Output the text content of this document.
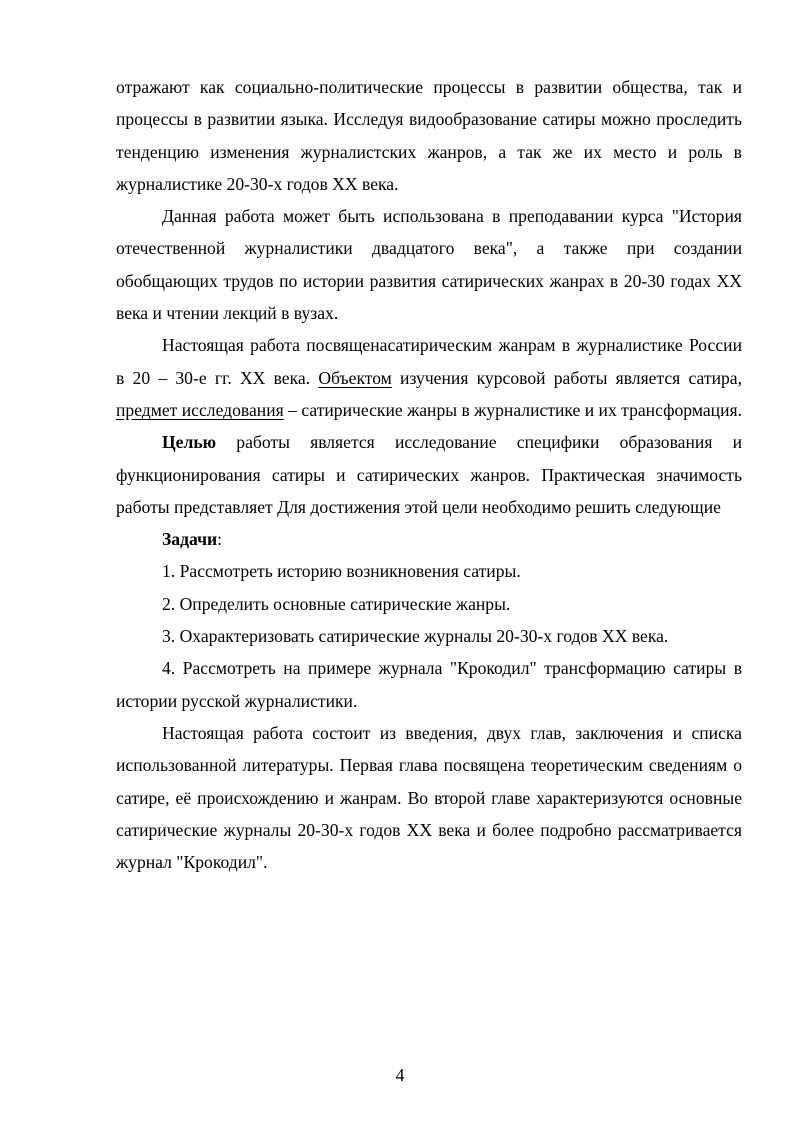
отражают как социально-политические процессы в развитии общества, так и процессы в развитии языка. Исследуя видообразование сатиры можно проследить тенденцию изменения журналистских жанров, а так же их место и роль в журналистике 20-30-х годов XX века.

Данная работа может быть использована в преподавании курса "История отечественной журналистики двадцатого века", а также при создании обобщающих трудов по истории развития сатирических жанрах в 20-30 годах XX века и чтении лекций в вузах.

Настоящая работа посвященасатирическим жанрам в журналистике России в 20 – 30-е гг. XX века. Объектом изучения курсовой работы является сатира, предмет исследования – сатирические жанры в журналистике и их трансформация.

Целью работы является исследование специфики образования и функционирования сатиры и сатирических жанров. Практическая значимость работы представляет Для достижения этой цели необходимо решить следующие

Задачи:

1. Рассмотреть историю возникновения сатиры.

2. Определить основные сатирические жанры.

3. Охарактеризовать сатирические журналы 20-30-х годов XX века.

4. Рассмотреть на примере журнала "Крокодил" трансформацию сатиры в истории русской журналистики.

Настоящая работа состоит из введения, двух глав, заключения и списка использованной литературы. Первая глава посвящена теоретическим сведениям о сатире, её происхождению и жанрам. Во второй главе характеризуются основные сатирические журналы 20-30-х годов XX века и более подробно рассматривается журнал "Крокодил".

4
